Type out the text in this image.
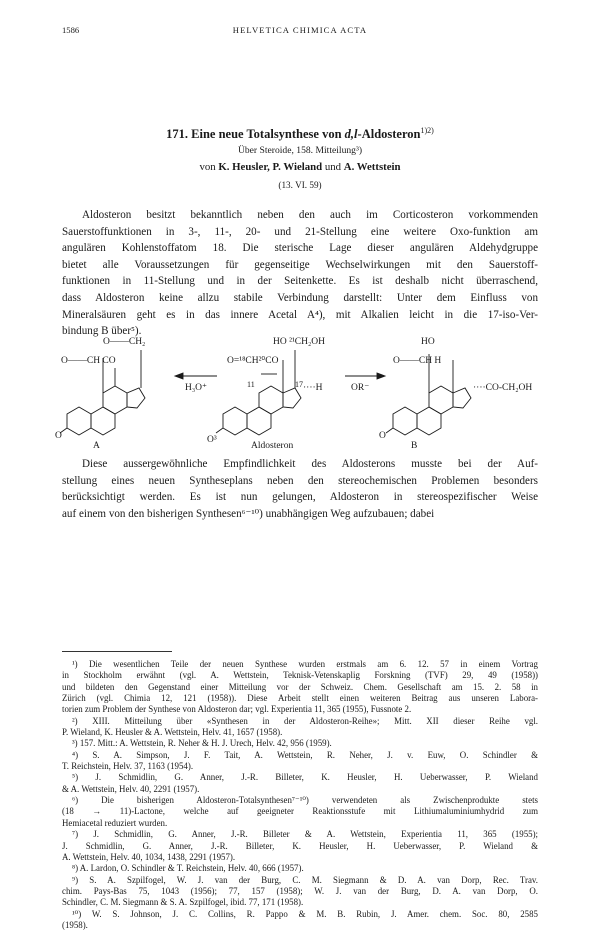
1586	HELVETICA CHIMICA ACTA
171. Eine neue Totalsynthese von d,l-Aldosteron$^{1)2)}$
Über Steroide, 158. Mitteilung³)
von K. Heusler, P. Wieland und A. Wettstein
(13. VI. 59)
Aldosteron besitzt bekanntlich neben den auch im Corticosteron vorkommenden
Sauerstoffunktionen in 3-, 11-, 20- und 21-Stellung eine weitere Oxo-funktion am
angulären Kohlenstoffatom 18. Die sterische Lage dieser angulären Aldehydgruppe
bietet alle Voraussetzungen für gegenseitige Wechselwirkungen mit den Sauerstoff-
funktionen in 11-Stellung und in der Seitenkette. Es ist deshalb nicht überraschend,
dass Aldosteron keine allzu stabile Verbindung darstellt: Unter dem Einfluss von
Mineralsäuren geht es in das innere Acetal A⁴), mit Alkalien leicht in die 17-iso-Ver-
bindung B über⁵).
O——CH₂
O——CH CO
O
A
H₃O⁺
HO ²¹CH₂OH
O=¹⁸CH²⁰CO
11	17 ····H
O³
Aldosteron
OR⁻
HO
O——CH H
····CO-CH₂OH
O
B
Diese aussergewöhnliche Empfindlichkeit des Aldosterons musste bei der Auf-
stellung eines neuen Syntheseplans neben den stereochemischen Problemen besonders
berücksichtigt werden. Es ist nun gelungen, Aldosteron in stereospezifischer Weise
auf einem von den bisherigen Synthesen⁶⁻¹⁰) unabhängigen Weg aufzubauen; dabei
¹) Die wesentlichen Teile der neuen Synthese wurden erstmals am 6. 12. 57 in einem Vortrag
in Stockholm erwähnt (vgl. A. Wettstein, Teknisk-Vetenskaplig Forskning (TVF) 29, 49 (1958))
und bildeten den Gegenstand einer Mitteilung vor der Schweiz. Chem. Gesellschaft am 15. 2. 58 in
Zürich (vgl. Chimia 12, 121 (1958)). Diese Arbeit stellt einen weiteren Beitrag aus unseren Labora-
torien zum Problem der Synthese von Aldosteron dar; vgl. Experientia 11, 365 (1955), Fussnote 2.
²) XIII. Mitteilung über «Synthesen in der Aldosteron-Reihe»; Mitt. XII dieser Reihe vgl.
P. Wieland, K. Heusler & A. Wettstein, Helv. 41, 1657 (1958).
³) 157. Mitt.: A. Wettstein, R. Neher & H. J. Urech, Helv. 42, 956 (1959).
⁴) S. A. Simpson, J. F. Tait, A. Wettstein, R. Neher, J. v. Euw, O. Schindler &
T. Reichstein, Helv. 37, 1163 (1954).
⁵) J. Schmidlin, G. Anner, J.-R. Billeter, K. Heusler, H. Ueberwasser, P. Wieland
& A. Wettstein, Helv. 40, 2291 (1957).
⁶) Die bisherigen Aldosteron-Totalsynthesen⁷⁻¹⁰) verwendeten als Zwischenprodukte stets
(18 → 11)-Lactone, welche auf geeigneter Reaktionsstufe mit Lithiumaluminiumhydrid zum
Hemiacetal reduziert wurden.
⁷) J. Schmidlin, G. Anner, J.-R. Billeter & A. Wettstein, Experientia 11, 365 (1955);
J. Schmidlin, G. Anner, J.-R. Billeter, K. Heusler, H. Ueberwasser, P. Wieland &
A. Wettstein, Helv. 40, 1034, 1438, 2291 (1957).
⁸) A. Lardon, O. Schindler & T. Reichstein, Helv. 40, 666 (1957).
⁹) S. A. Szpilfogel, W. J. van der Burg, C. M. Siegmann & D. A. van Dorp, Rec. Trav.
chim. Pays-Bas 75, 1043 (1956); 77, 157 (1958); W. J. van der Burg, D. A. van Dorp, O.
Schindler, C. M. Siegmann & S. A. Szpilfogel, ibid. 77, 171 (1958).
¹⁰) W. S. Johnson, J. C. Collins, R. Pappo & M. B. Rubin, J. Amer. chem. Soc. 80, 2585
(1958).
